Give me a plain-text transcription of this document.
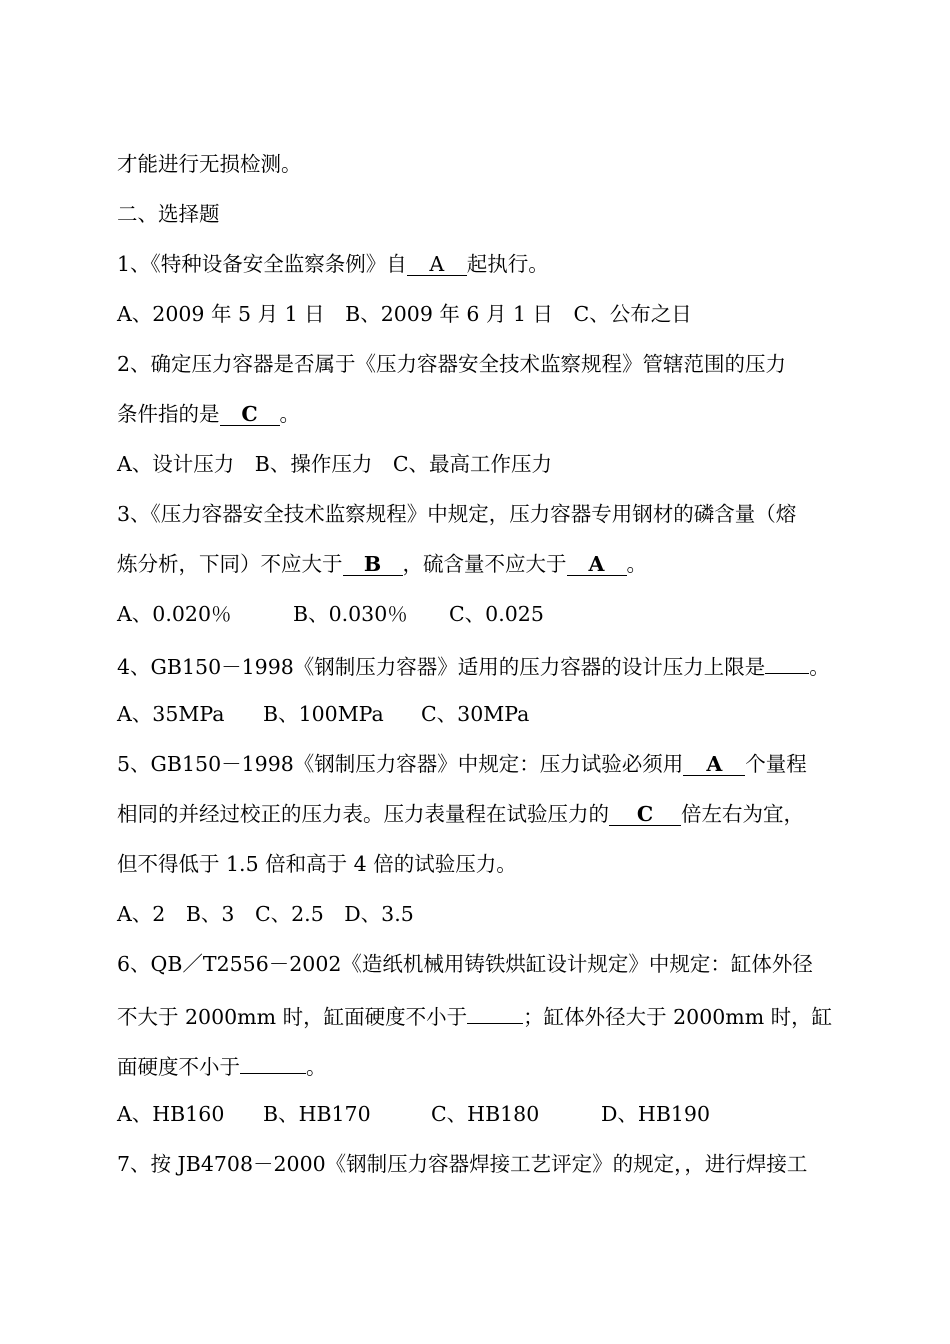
才能进行无损检测。
二、选择题
1、《特种设备安全监察条例》自 A 起执行。
A、2009 年 5 月 1 日　B、2009 年 6 月 1 日　C、公布之日
2、确定压力容器是否属于《压力容器安全技术监察规程》管辖范围的压力
条件指的是 C 。
A、设计压力　B、操作压力　C、最高工作压力
3、《压力容器安全技术监察规程》中规定，压力容器专用钢材的磷含量（熔
炼分析，下同）不应大于 B ，硫含量不应大于 A 。
A、0.020％	B、0.030％ C、0.025
4、GB150－1998《钢制压力容器》适用的压力容器的设计压力上限是 。
A、35MPa B、100MPa C、30MPa
5、GB150－1998《钢制压力容器》中规定：压力试验必须用 A 个量程
相同的并经过校正的压力表。压力表量程在试验压力的 C 倍左右为宜，
但不得低于 1.5 倍和高于 4 倍的试验压力。
A、2　B、3　C、2.5　D、3.5
6、QB／T2556－2002《造纸机械用铸铁烘缸设计规定》中规定：缸体外径
不大于 2000mm 时，缸面硬度不小于	；缸体外径大于 2000mm 时，缸
面硬度不小于	。
A、HB160 B、HB170	C、HB180	D、HB190
7、按 JB4708－2000《钢制压力容器焊接工艺评定》的规定，，进行焊接工
